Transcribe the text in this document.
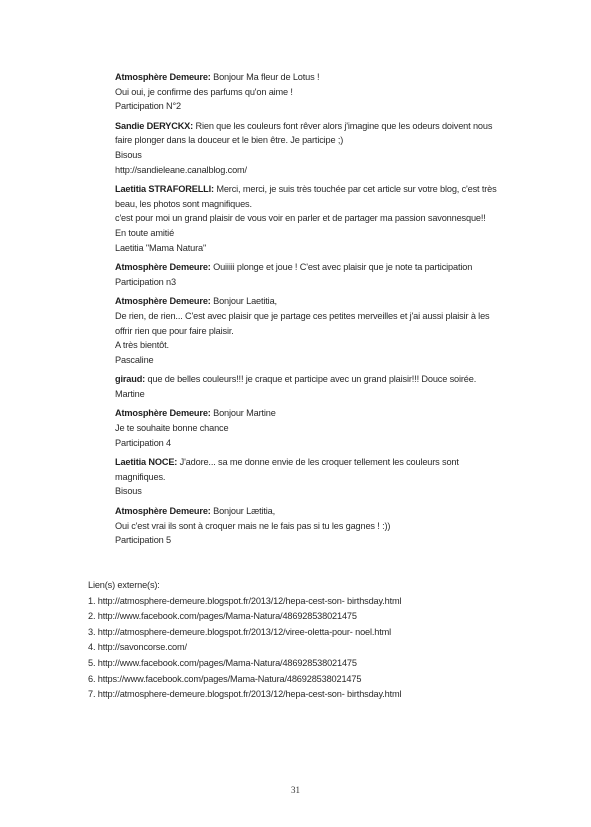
Atmosphère Demeure: Bonjour Ma fleur de Lotus !
Oui oui, je confirme des parfums qu'on aime !
Participation N°2
Sandie DERYCKX: Rien que les couleurs font rêver alors j'imagine que les odeurs doivent nous faire plonger dans la douceur et le bien être. Je participe ;)
Bisous
http://sandieleane.canalblog.com/
Laetitia STRAFORELLI: Merci, merci, je suis très touchée par cet article sur votre blog, c'est très beau, les photos sont magnifiques.
c'est pour moi un grand plaisir de vous voir en parler et de partager ma passion savonnesque!!
En toute amitié
Laetitia "Mama Natura"
Atmosphère Demeure: Ouiiiii plonge et joue ! C'est avec plaisir que je note ta participation
Participation n3
Atmosphère Demeure: Bonjour Laetitia,
De rien, de rien... C'est avec plaisir que je partage ces petites merveilles et j'ai aussi plaisir à les offrir rien que pour faire plaisir.
A très bientôt.
Pascaline
giraud: que de belles couleurs!!! je craque et participe avec un grand plaisir!!! Douce soirée. Martine
Atmosphère Demeure: Bonjour Martine
Je te souhaite bonne chance
Participation 4
Laetitia NOCE: J'adore... sa me donne envie de les croquer tellement les couleurs sont magnifiques.
Bisous
Atmosphère Demeure: Bonjour Lætitia,
Oui c'est vrai ils sont à croquer mais ne le fais pas si tu les gagnes ! :))
Participation 5
Lien(s) externe(s):
1. http://atmosphere-demeure.blogspot.fr/2013/12/hepa-cest-son- birthsday.html
2. http://www.facebook.com/pages/Mama-Natura/486928538021475
3. http://atmosphere-demeure.blogspot.fr/2013/12/viree-oletta-pour- noel.html
4. http://savoncorse.com/
5. http://www.facebook.com/pages/Mama-Natura/486928538021475
6. https://www.facebook.com/pages/Mama-Natura/486928538021475
7. http://atmosphere-demeure.blogspot.fr/2013/12/hepa-cest-son- birthsday.html
31
